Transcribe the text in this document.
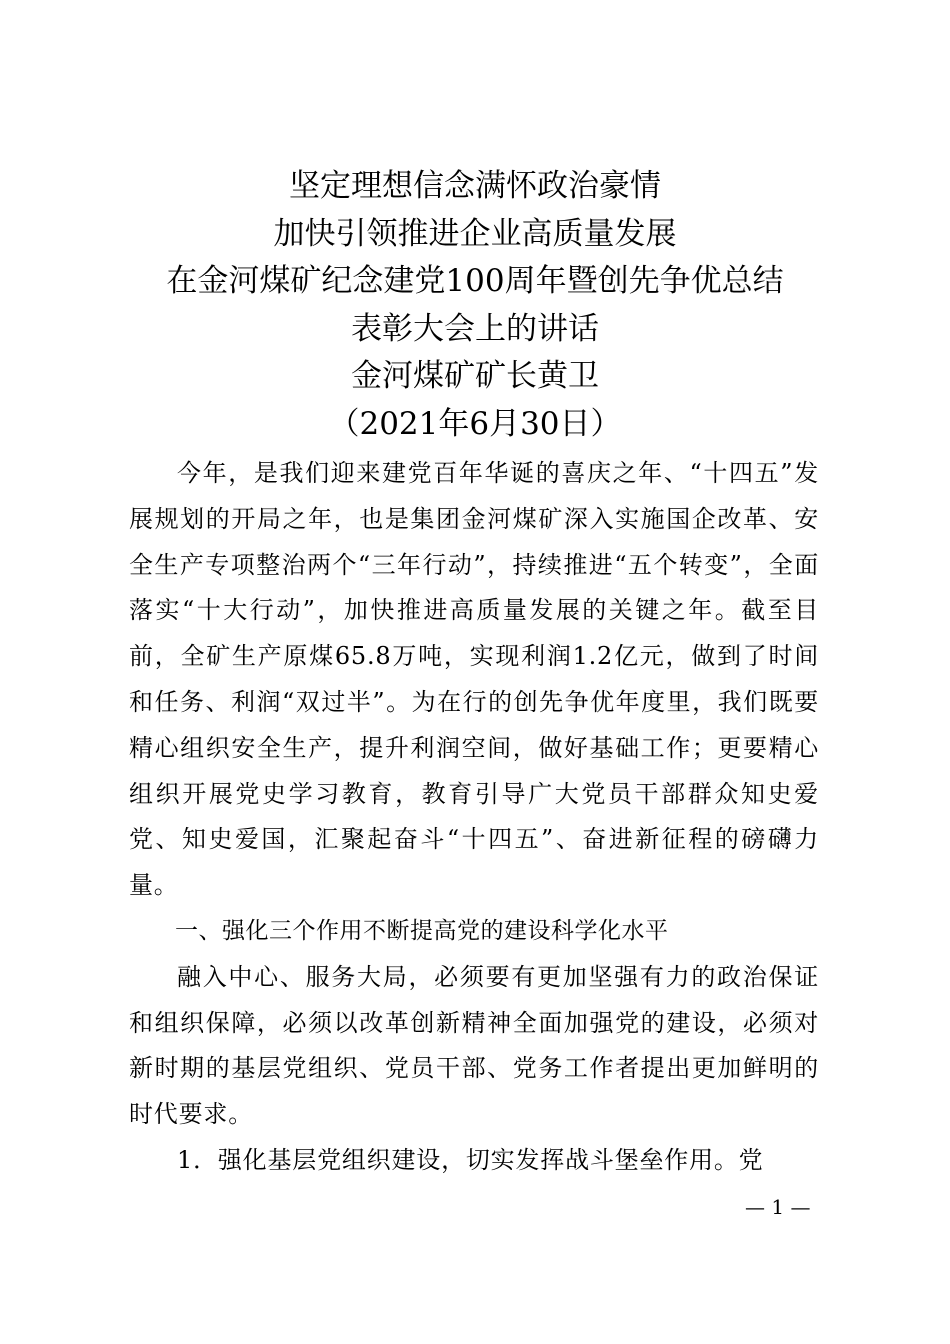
坚定理想信念满怀政治豪情
加快引领推进企业高质量发展
在金河煤矿纪念建党100周年暨创先争优总结
表彰大会上的讲话
金河煤矿矿长黄卫
（2021年6月30日）

今年，是我们迎来建党百年华诞的喜庆之年、“十四五”发展规划的开局之年，也是集团金河煤矿深入实施国企改革、安全生产专项整治两个“三年行动”，持续推进“五个转变”，全面落实“十大行动”，加快推进高质量发展的关键之年。截至目前，全矿生产原煤65.8万吨，实现利润1.2亿元，做到了时间和任务、利润“双过半”。为在行的创先争优年度里，我们既要精心组织安全生产，提升利润空间，做好基础工作；更要精心组织开展党史学习教育，教育引导广大党员干部群众知史爱党、知史爱国，汇聚起奋斗“十四五”、奋进新征程的磅礴力量。

一、强化三个作用不断提高党的建设科学化水平

融入中心、服务大局，必须要有更加坚强有力的政治保证和组织保障，必须以改革创新精神全面加强党的建设，必须对新时期的基层党组织、党员干部、党务工作者提出更加鲜明的时代要求。

1．强化基层党组织建设，切实发挥战斗堡垒作用。党

— 1 —
